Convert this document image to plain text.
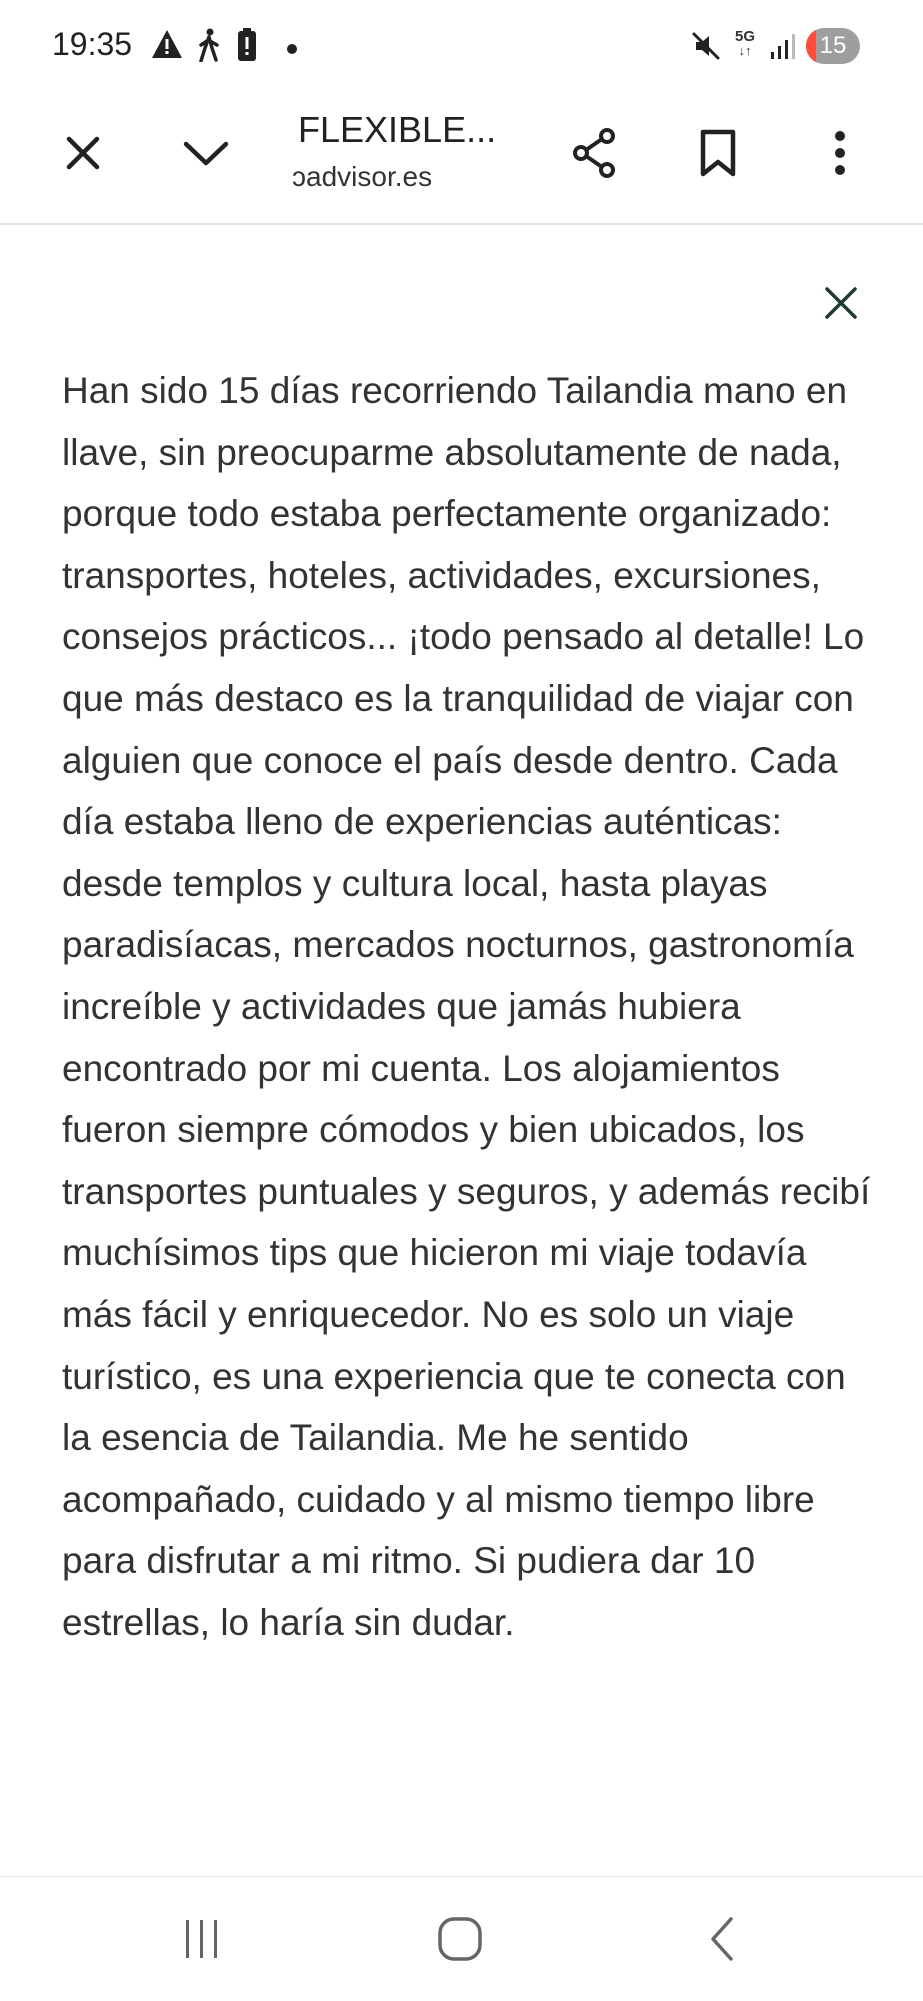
19:35	5G
↓↑	15
FLEXIBLE...
ↄadvisor.es

Han sido 15 días recorriendo Tailandia mano en llave, sin preocuparme absolutamente de nada, porque todo estaba perfectamente organizado: transportes, hoteles, actividades, excursiones, consejos prácticos... ¡todo pensado al detalle! Lo que más destaco es la tranquilidad de viajar con alguien que conoce el país desde dentro. Cada día estaba lleno de experiencias auténticas: desde templos y cultura local, hasta playas paradisíacas, mercados nocturnos, gastronomía increíble y actividades que jamás hubiera encontrado por mi cuenta. Los alojamientos fueron siempre cómodos y bien ubicados, los transportes puntuales y seguros, y además recibí muchísimos tips que hicieron mi viaje todavía más fácil y enriquecedor. No es solo un viaje turístico, es una experiencia que te conecta con la esencia de Tailandia. Me he sentido acompañado, cuidado y al mismo tiempo libre para disfrutar a mi ritmo. Si pudiera dar 10 estrellas, lo haría sin dudar.
